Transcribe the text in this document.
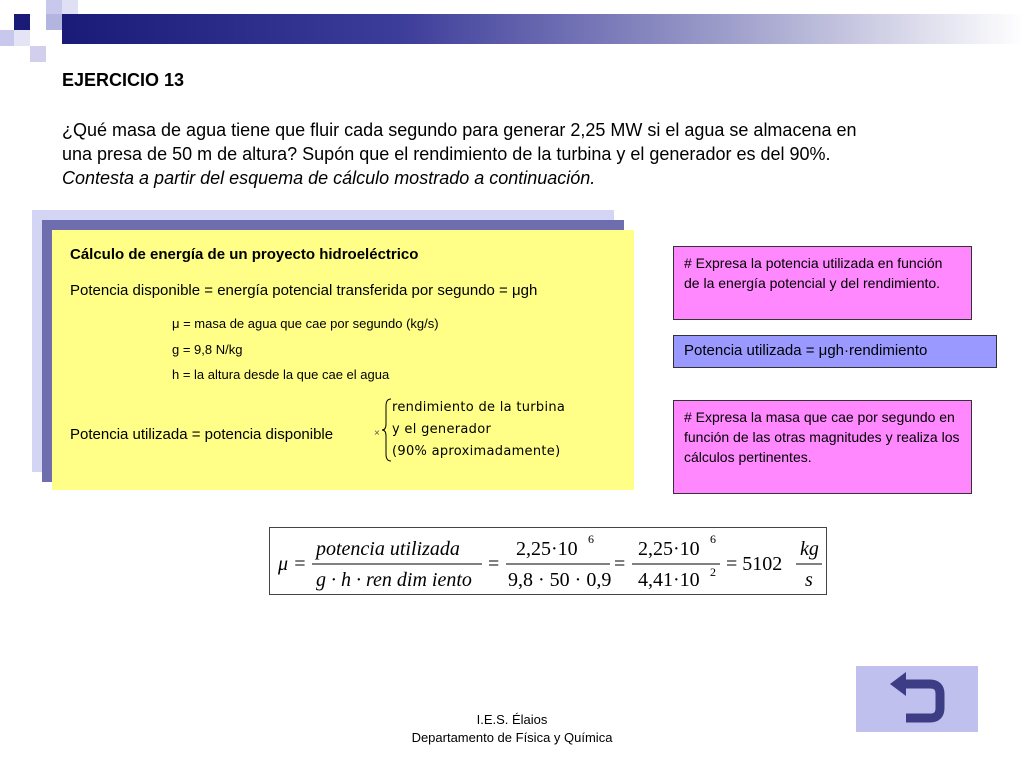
EJERCICIO 13
¿Qué masa de agua tiene que fluir cada segundo para generar 2,25 MW si el agua se almacena en
una presa de 50 m de altura? Supón que el rendimiento de la turbina y el generador es del 90%.
Contesta a partir del esquema de cálculo mostrado a continuación.
Cálculo de energía de un proyecto hidroeléctrico
Potencia disponible = energía potencial transferida por segundo = μgh
μ = masa de agua que cae por segundo (kg/s)
g = 9,8 N/kg
h = la altura desde la que cae el agua
Potencia utilizada = potencia disponible	×
rendimiento de la turbina
y el generador
(90% aproximadamente)
# Expresa la potencia utilizada en función de la energía potencial y del rendimiento.
Potencia utilizada = μgh·rendimiento
# Expresa la masa que cae por segundo en función de las otras magnitudes y realiza los cálculos pertinentes.
μ =
potencia utilizada
g · h · ren dim iento
=
2,25·10 6
9,8 · 50 · 0,9
=
2,25·10 6
4,41·10 2 = 5102
kg
s
I.E.S. Élaios
Departamento de Física y Química
